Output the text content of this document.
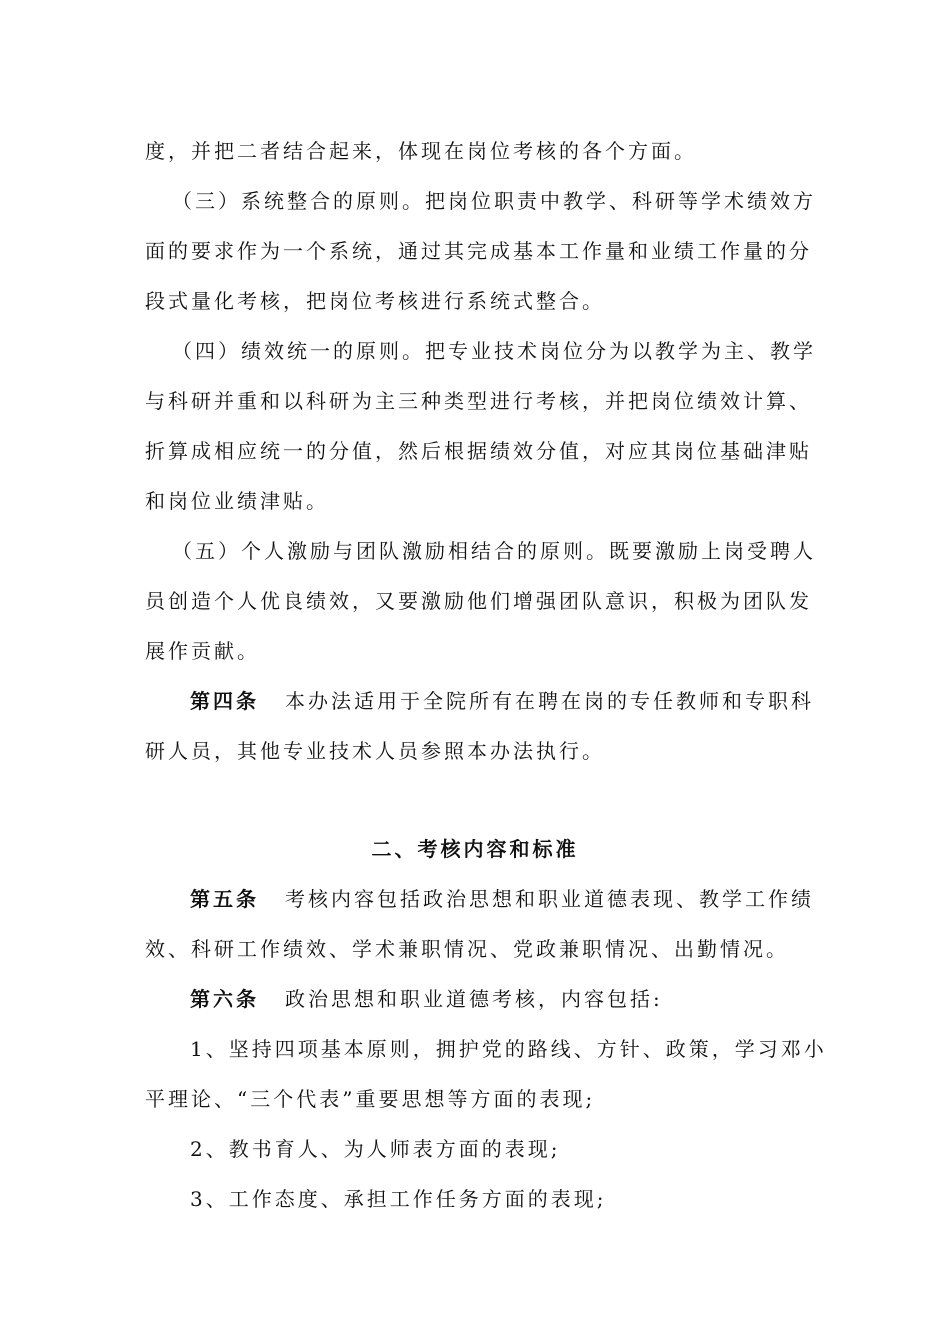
度，并把二者结合起来，体现在岗位考核的各个方面。
（三）系统整合的原则。把岗位职责中教学、科研等学术绩效方
面的要求作为一个系统，通过其完成基本工作量和业绩工作量的分
段式量化考核，把岗位考核进行系统式整合。
（四）绩效统一的原则。把专业技术岗位分为以教学为主、教学
与科研并重和以科研为主三种类型进行考核，并把岗位绩效计算、
折算成相应统一的分值，然后根据绩效分值，对应其岗位基础津贴
和岗位业绩津贴。
（五）个人激励与团队激励相结合的原则。既要激励上岗受聘人
员创造个人优良绩效，又要激励他们增强团队意识，积极为团队发
展作贡献。
第四条 本办法适用于全院所有在聘在岗的专任教师和专职科
研人员，其他专业技术人员参照本办法执行。
二、考核内容和标准
第五条 考核内容包括政治思想和职业道德表现、教学工作绩
效、科研工作绩效、学术兼职情况、党政兼职情况、出勤情况。
第六条 政治思想和职业道德考核，内容包括:
1、坚持四项基本原则，拥护党的路线、方针、政策，学习邓小
平理论、“三个代表”重要思想等方面的表现;
2、教书育人、为人师表方面的表现;
3、工作态度、承担工作任务方面的表现;
